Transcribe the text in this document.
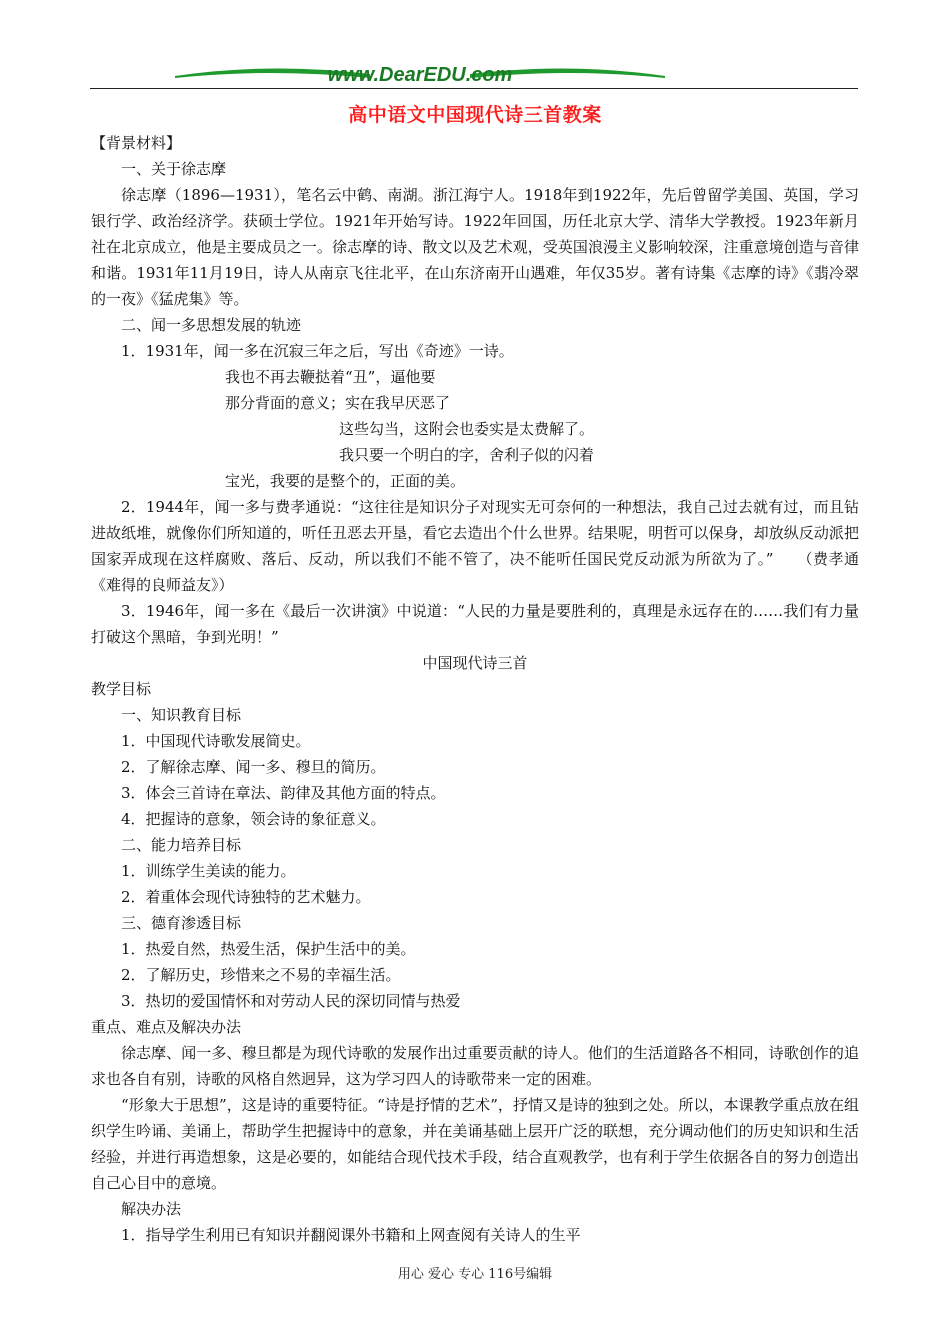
www.DearEDU.com
高中语文中国现代诗三首教案

【背景材料】

一、关于徐志摩

徐志摩（1896—1931），笔名云中鹤、南湖。浙江海宁人。1918年到1922年，先后曾留学美国、英国，学习银行学、政治经济学。获硕士学位。1921年开始写诗。1922年回国，历任北京大学、清华大学教授。1923年新月社在北京成立，他是主要成员之一。徐志摩的诗、散文以及艺术观，受英国浪漫主义影响较深，注重意境创造与音律和谐。1931年11月19日，诗人从南京飞往北平，在山东济南开山遇难，年仅35岁。著有诗集《志摩的诗》《翡冷翠的一夜》《猛虎集》等。

二、闻一多思想发展的轨迹

1．1931年，闻一多在沉寂三年之后，写出《奇迹》一诗。

我也不再去鞭挞着“丑”，逼他要

那分背面的意义；实在我早厌恶了

这些勾当，这附会也委实是太费解了。

我只要一个明白的字，舍利子似的闪着

宝光，我要的是整个的，正面的美。

2．1944年，闻一多与费孝通说：“这往往是知识分子对现实无可奈何的一种想法，我自己过去就有过，而且钻进故纸堆，就像你们所知道的，听任丑恶去开垦，看它去造出个什么世界。结果呢，明哲可以保身，却放纵反动派把国家弄成现在这样腐败、落后、反动，所以我们不能不管了，决不能听任国民党反动派为所欲为了。”　　（费孝通《难得的良师益友》）

3．1946年，闻一多在《最后一次讲演》中说道：“人民的力量是要胜利的，真理是永远存在的……我们有力量打破这个黑暗，争到光明！”

中国现代诗三首

教学目标

一、知识教育目标

1．中国现代诗歌发展简史。

2．了解徐志摩、闻一多、穆旦的简历。

3．体会三首诗在章法、韵律及其他方面的特点。

4．把握诗的意象，领会诗的象征意义。

二、能力培养目标

1．训练学生美读的能力。

2．着重体会现代诗独特的艺术魅力。

三、德育渗透目标

1．热爱自然，热爱生活，保护生活中的美。

2．了解历史，珍惜来之不易的幸福生活。

3．热切的爱国情怀和对劳动人民的深切同情与热爱

重点、难点及解决办法

徐志摩、闻一多、穆旦都是为现代诗歌的发展作出过重要贡献的诗人。他们的生活道路各不相同，诗歌创作的追求也各自有别，诗歌的风格自然迥异，这为学习四人的诗歌带来一定的困难。

“形象大于思想”，这是诗的重要特征。“诗是抒情的艺术”，抒情又是诗的独到之处。所以，本课教学重点放在组织学生吟诵、美诵上，帮助学生把握诗中的意象，并在美诵基础上层开广泛的联想，充分调动他们的历史知识和生活经验，并进行再造想象，这是必要的，如能结合现代技术手段，结合直观教学，也有利于学生依据各自的努力创造出自己心目中的意境。

解决办法

1．指导学生利用已有知识并翻阅课外书籍和上网查阅有关诗人的生平

用心 爱心 专心 116号编辑
